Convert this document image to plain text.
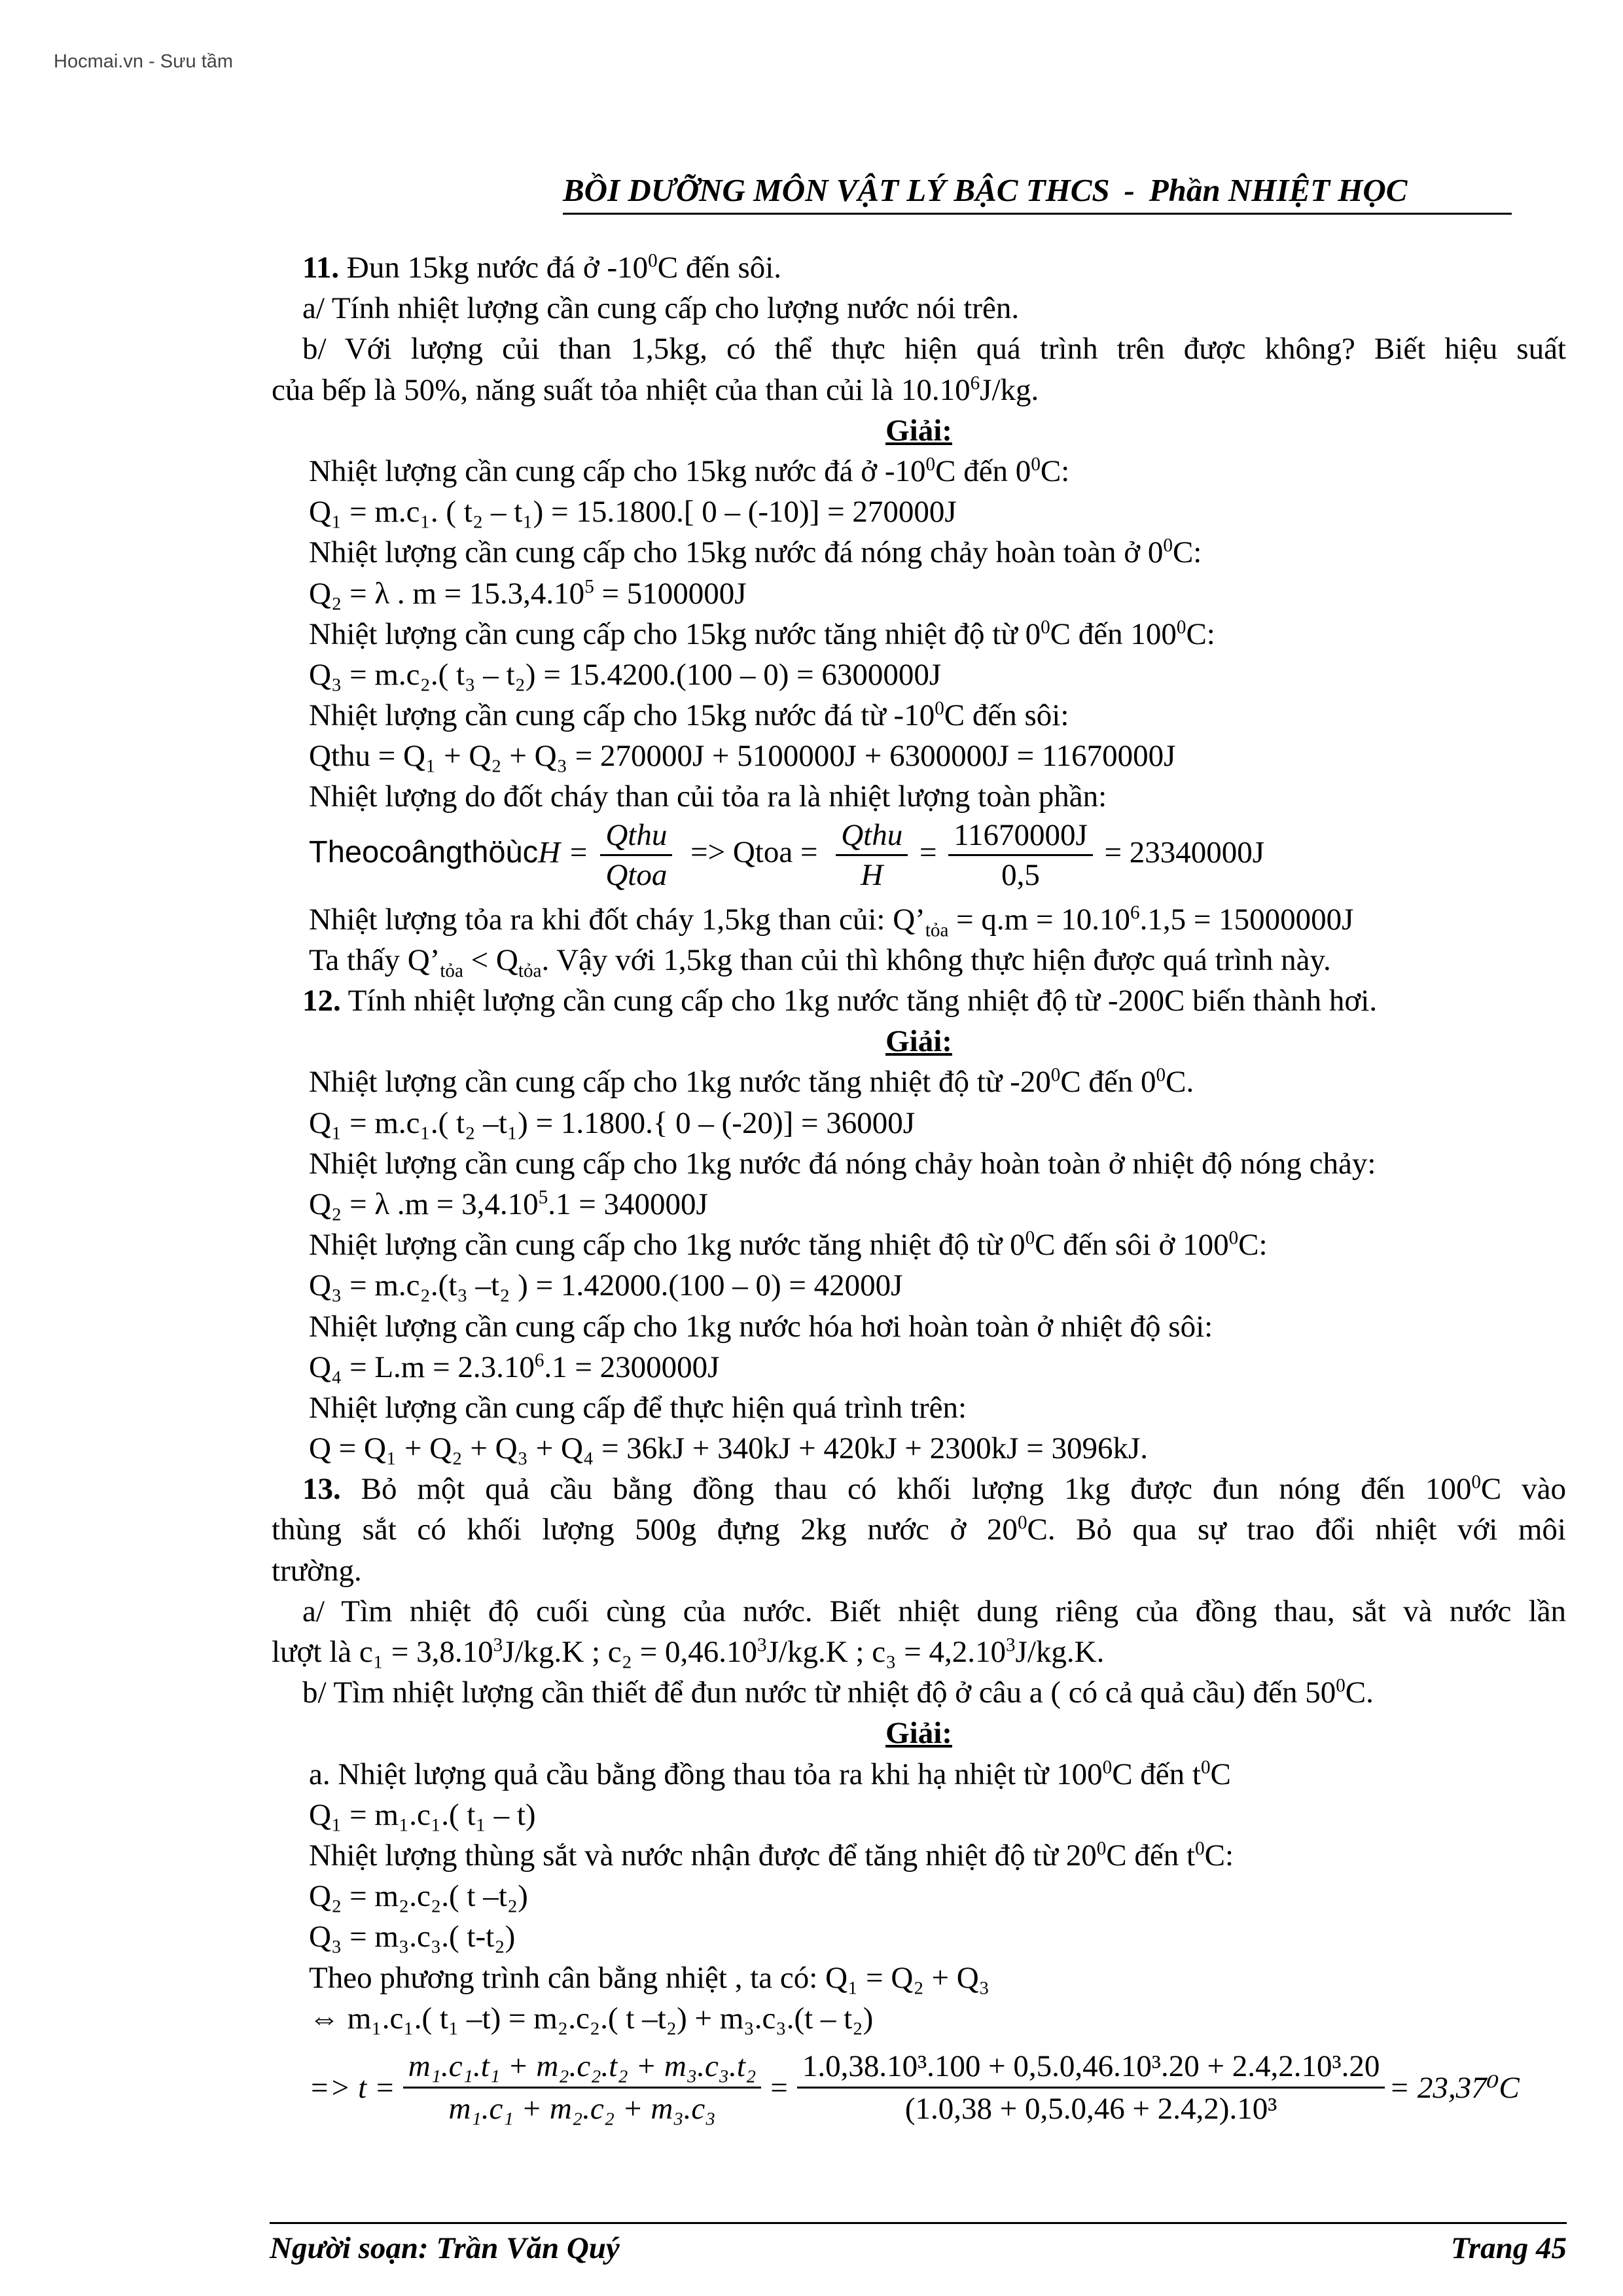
Hocmai.vn - Sưu tầm
BỒI DƯỠNG MÔN VẬT LÝ BẬC THCS - Phần NHIỆT HỌC
11. Đun 15kg nước đá ở $-10^0C$ đến sôi.
a/ Tính nhiệt lượng cần cung cấp cho lượng nước nói trên.
b/ Với lượng củi than 1,5kg, có thể thực hiện quá trình trên được không? Biết hiệu suất
của bếp là 50%, năng suất tỏa nhiệt của than củi là 10.10$^6$J/kg.
Giải:
Nhiệt lượng cần cung cấp cho 15kg nước đá ở $-10^0C$ đến $0^0C$:
Q₁ = m.c₁. ( t₂ – t₁) = 15.1800.[ 0 – (-10)] = 270000J
Nhiệt lượng cần cung cấp cho 15kg nước đá nóng chảy hoàn toàn ở $0^0C$:
Q₂ = λ . $m = 15.3,4.10^5 = 5100000J$
Nhiệt lượng cần cung cấp cho 15kg nước tăng nhiệt độ từ $0^0C$ đến $100^0C$:
Q₃ = m.c₂.( t₃ – t₂) = 15.4200.(100 – 0) = 6300000J
Nhiệt lượng cần cung cấp cho 15kg nước đá từ $-10^0C$ đến sôi:
Qthu = Q₁ + Q₂ + Q₃ = 270000J + 5100000J + 6300000J = 11670000J
Nhiệt lượng do đốt cháy than củi tỏa ra là nhiệt lượng toàn phần:
TheocoângthöùcH = $\frac{\text{Qthu}}{\text{Qtoa}}$ => Qtoa = $\frac{\text{Qthu}}{H} = \frac{11670000J}{0,5} = 23340000J$
Nhiệt lượng tỏa ra khi đốt cháy 1,5kg than củi: $Q’_{tỏa} = q.m = 10.10^6.1,5 = 15000000J$
Ta thấy $Q’_{tỏa} < Q_{tỏa}$. Vậy với 1,5kg than củi thì không thực hiện được quá trình này.
12. Tính nhiệt lượng cần cung cấp cho 1kg nước tăng nhiệt độ từ -200C biến thành hơi.
Giải:
Nhiệt lượng cần cung cấp cho 1kg nước tăng nhiệt độ từ $-20^0C$ đến $0^0C$.
Q₁ = m.c₁.( t₂ –t₁) = 1.1800.{ 0 – (-20)] = 36000J
Nhiệt lượng cần cung cấp cho 1kg nước đá nóng chảy hoàn toàn ở nhiệt độ nóng chảy:
Q₂ = λ $.m = 3,4.10^5.1 = 340000J$
Nhiệt lượng cần cung cấp cho 1kg nước tăng nhiệt độ từ $0^0C$ đến sôi ở $100^0C$:
Q₃ = m.c₂.(t₃ –t₂ ) = 1.42000.(100 – 0) = 42000J
Nhiệt lượng cần cung cấp cho 1kg nước hóa hơi hoàn toàn ở nhiệt độ sôi:
$Q_4 = L.m = 2.3.10^6.1 = 2300000J$
Nhiệt lượng cần cung cấp để thực hiện quá trình trên:
Q = Q₁ + Q₂ + Q₃ + Q₄ = 36kJ + 340kJ + 420kJ + 2300kJ = 3096kJ.
13. Bỏ một quả cầu bằng đồng thau có khối lượng 1kg được đun nóng đến $100^0C$ vào
thùng sắt có khối lượng 500g đựng 2kg nước ở $20^0C$. Bỏ qua sự trao đổi nhiệt với môi
trường.
a/ Tìm nhiệt độ cuối cùng của nước. Biết nhiệt dung riêng của đồng thau, sắt và nước lần
lượt là $c_1 = 3,8.10^3J/kg.K$ ; $c_2 = 0,46.10^3J/kg.K$ ; $c_3 = 4,2.10^3J/kg.K$.
b/ Tìm nhiệt lượng cần thiết để đun nước từ nhiệt độ ở câu a ( có cả quả cầu) đến $50^0C$.
Giải:
a. Nhiệt lượng quả cầu bằng đồng thau tỏa ra khi hạ nhiệt từ $100^0C$ đến $t^0C$
Q₁ = m₁.c₁.( t₁ – t)
Nhiệt lượng thùng sắt và nước nhận được để tăng nhiệt độ từ $20^0C$ đến $t^0C$:
Q₂ = m₂.c₂.( t –t₂)
Q₃ = m₃.c₃.( t-t₂)
Theo phương trình cân bằng nhiệt , ta có: Q₁ = Q₂ + Q₃
⇔ m₁.c₁.( t₁ –t) = m₂.c₂.( t –t₂) + m₃.c₃.(t – t₂)
=> $t = \frac{\text{m₁.c₁.t₁ + m₂.c₂.t₂ + m₃.c₃.t₂}}{\text{m₁.c₁ + m₂.c₂ + m₃.c₃}} = \frac{\text{1.0,38.10³.100 + 0,5.0,46.10³.20 + 2.4,2.10³.20}}{\text{(1.0,38 + 0,5.0,46 + 2.4,2).10³}} = 23,37^0C$
Người soạn: Trần Văn Quý	Trang 45
